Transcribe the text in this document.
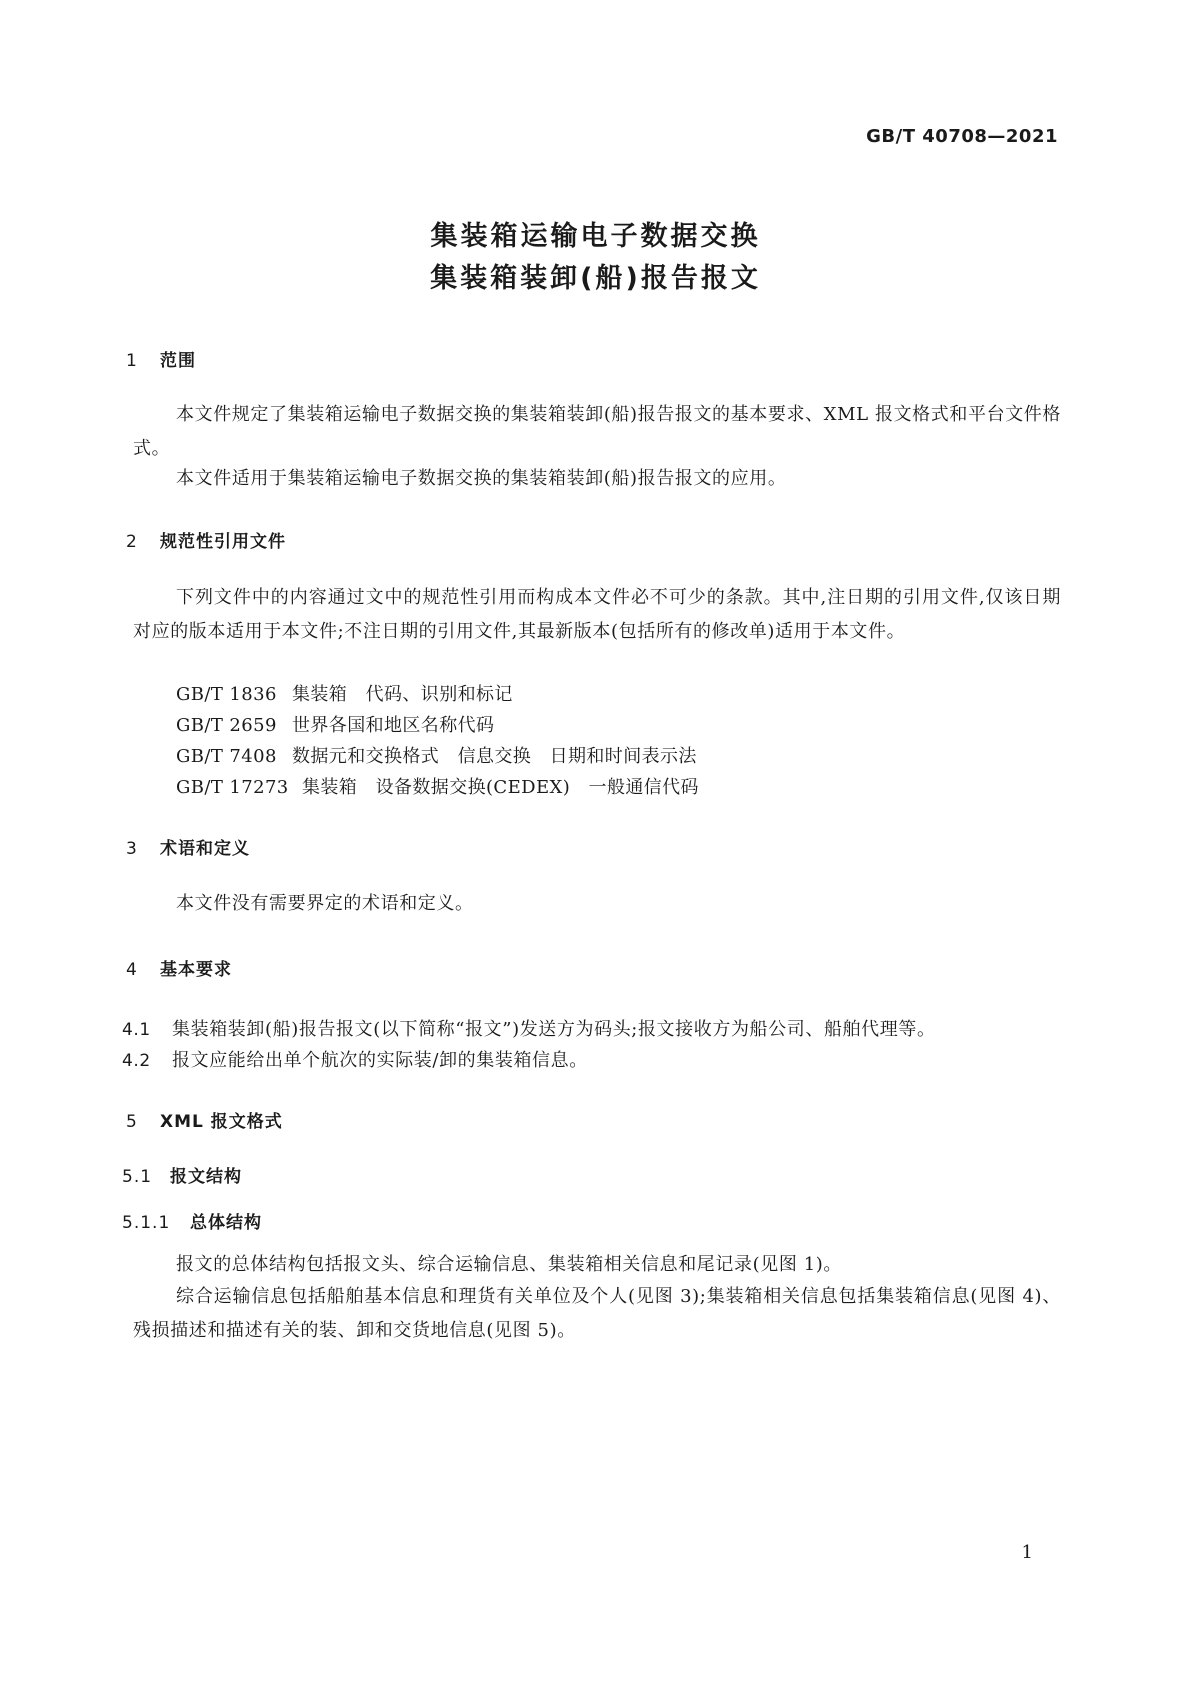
GB/T 40708—2021
集装箱运输电子数据交换
集装箱装卸(船)报告报文
1 范围
本文件规定了集装箱运输电子数据交换的集装箱装卸(船)报告报文的基本要求、XML 报文格式和平台文件格式。
本文件适用于集装箱运输电子数据交换的集装箱装卸(船)报告报文的应用。
2 规范性引用文件
下列文件中的内容通过文中的规范性引用而构成本文件必不可少的条款。其中,注日期的引用文件,仅该日期对应的版本适用于本文件;不注日期的引用文件,其最新版本(包括所有的修改单)适用于本文件。
GB/T 1836 集装箱　代码、识别和标记
GB/T 2659 世界各国和地区名称代码
GB/T 7408 数据元和交换格式　信息交换　日期和时间表示法
GB/T 17273 集装箱　设备数据交换(CEDEX)　一般通信代码
3 术语和定义
本文件没有需要界定的术语和定义。
4 基本要求
4.1 集装箱装卸(船)报告报文(以下简称“报文”)发送方为码头;报文接收方为船公司、船舶代理等。
4.2 报文应能给出单个航次的实际装/卸的集装箱信息。
5 XML 报文格式
5.1 报文结构
5.1.1 总体结构
报文的总体结构包括报文头、综合运输信息、集装箱相关信息和尾记录(见图 1)。
综合运输信息包括船舶基本信息和理货有关单位及个人(见图 3);集装箱相关信息包括集装箱信息(见图 4)、残损描述和描述有关的装、卸和交货地信息(见图 5)。
1
